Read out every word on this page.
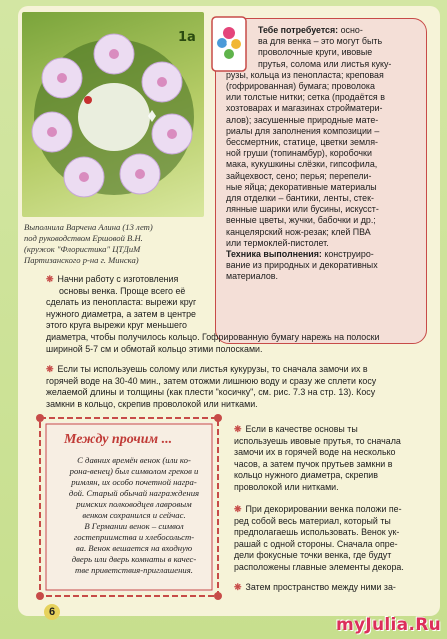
1a
Выполнила Варчена Алина (13 лет)
под руководством Ершовой В.Н.
(кружок "Флористика" ЦТДиМ
Партизанского р-на г. Минска)
Тебе потребуется: осно-
ва для венка – это могут быть
проволочные круги, ивовые
прутья, солома или листья куку-
рузы, кольца из пенопласта; креповая
(гофрированная) бумага; проволока
или толстые нитки; сетка (продаётся в
хозтоварах и магазинах стройматери-
алов); засушенные природные мате-
риалы для заполнения композиции –
бессмертник, статице, цветки земля-
ной груши (топинамбур), коробочки
мака, кукушкины слёзки, гипсофила,
зайцехвост, сено; перья; перепели-
ные яйца; декоративные материалы
для отделки – бантики, ленты, стек-
лянные шарики или бусины, искусст-
венные цветы, жучки, бабочки и др.;
канцелярский нож-резак; клей ПВА
или термоклей-пистолет.
Техника выполнения: конструиро-
вание из природных и декоративных
материалов.
❋ Начни работу с изготовления
основы венка. Проще всего её
сделать из пенопласта: вырежи круг
нужного диаметра, а затем в центре
этого круга вырежи круг меньшего
диаметра, чтобы получилось кольцо. Гофрированную бумагу нарежь на полоски
шириной 5-7 см и обмотай кольцо этими полосками.
❋ Если ты используешь солому или листья кукурузы, то сначала замочи их в
горячей воде на 30-40 мин., затем отожми лишнюю воду и сразу же сплети косу
желаемой длины и толщины (как плести "косичку", см. рис. 7.3 на стр. 13). Косу
замкни в кольцо, скрепив проволокой или нитками.
Между прочим ...
С давних времён венок (или ко-
рона-венец) был символом греков и
римлян, их особо почетной награ-
дой. Старый обычай награждения
римских полководцев лавровым
венком сохранился и сейчас.
В Германии венок – символ
гостеприимства и хлебосольст-
ва. Венок вешается на входную
дверь или дверь комнаты в качес-
тве приветствия-приглашения.
❋ Если в качестве основы ты
используешь ивовые прутья, то сначала
замочи их в горячей воде на несколько
часов, а затем пучок прутьев замкни в
кольцо нужного диаметра, скрепив
проволокой или нитками.
❋ При декорировании венка положи пе-
ред собой весь материал, который ты
предполагаешь использовать. Венок ук-
рашай с одной стороны. Сначала опре-
дели фокусные точки венка, где будут
расположены главные элементы декора.
❋ Затем пространство между ними за-
6
myJulia.Ru
